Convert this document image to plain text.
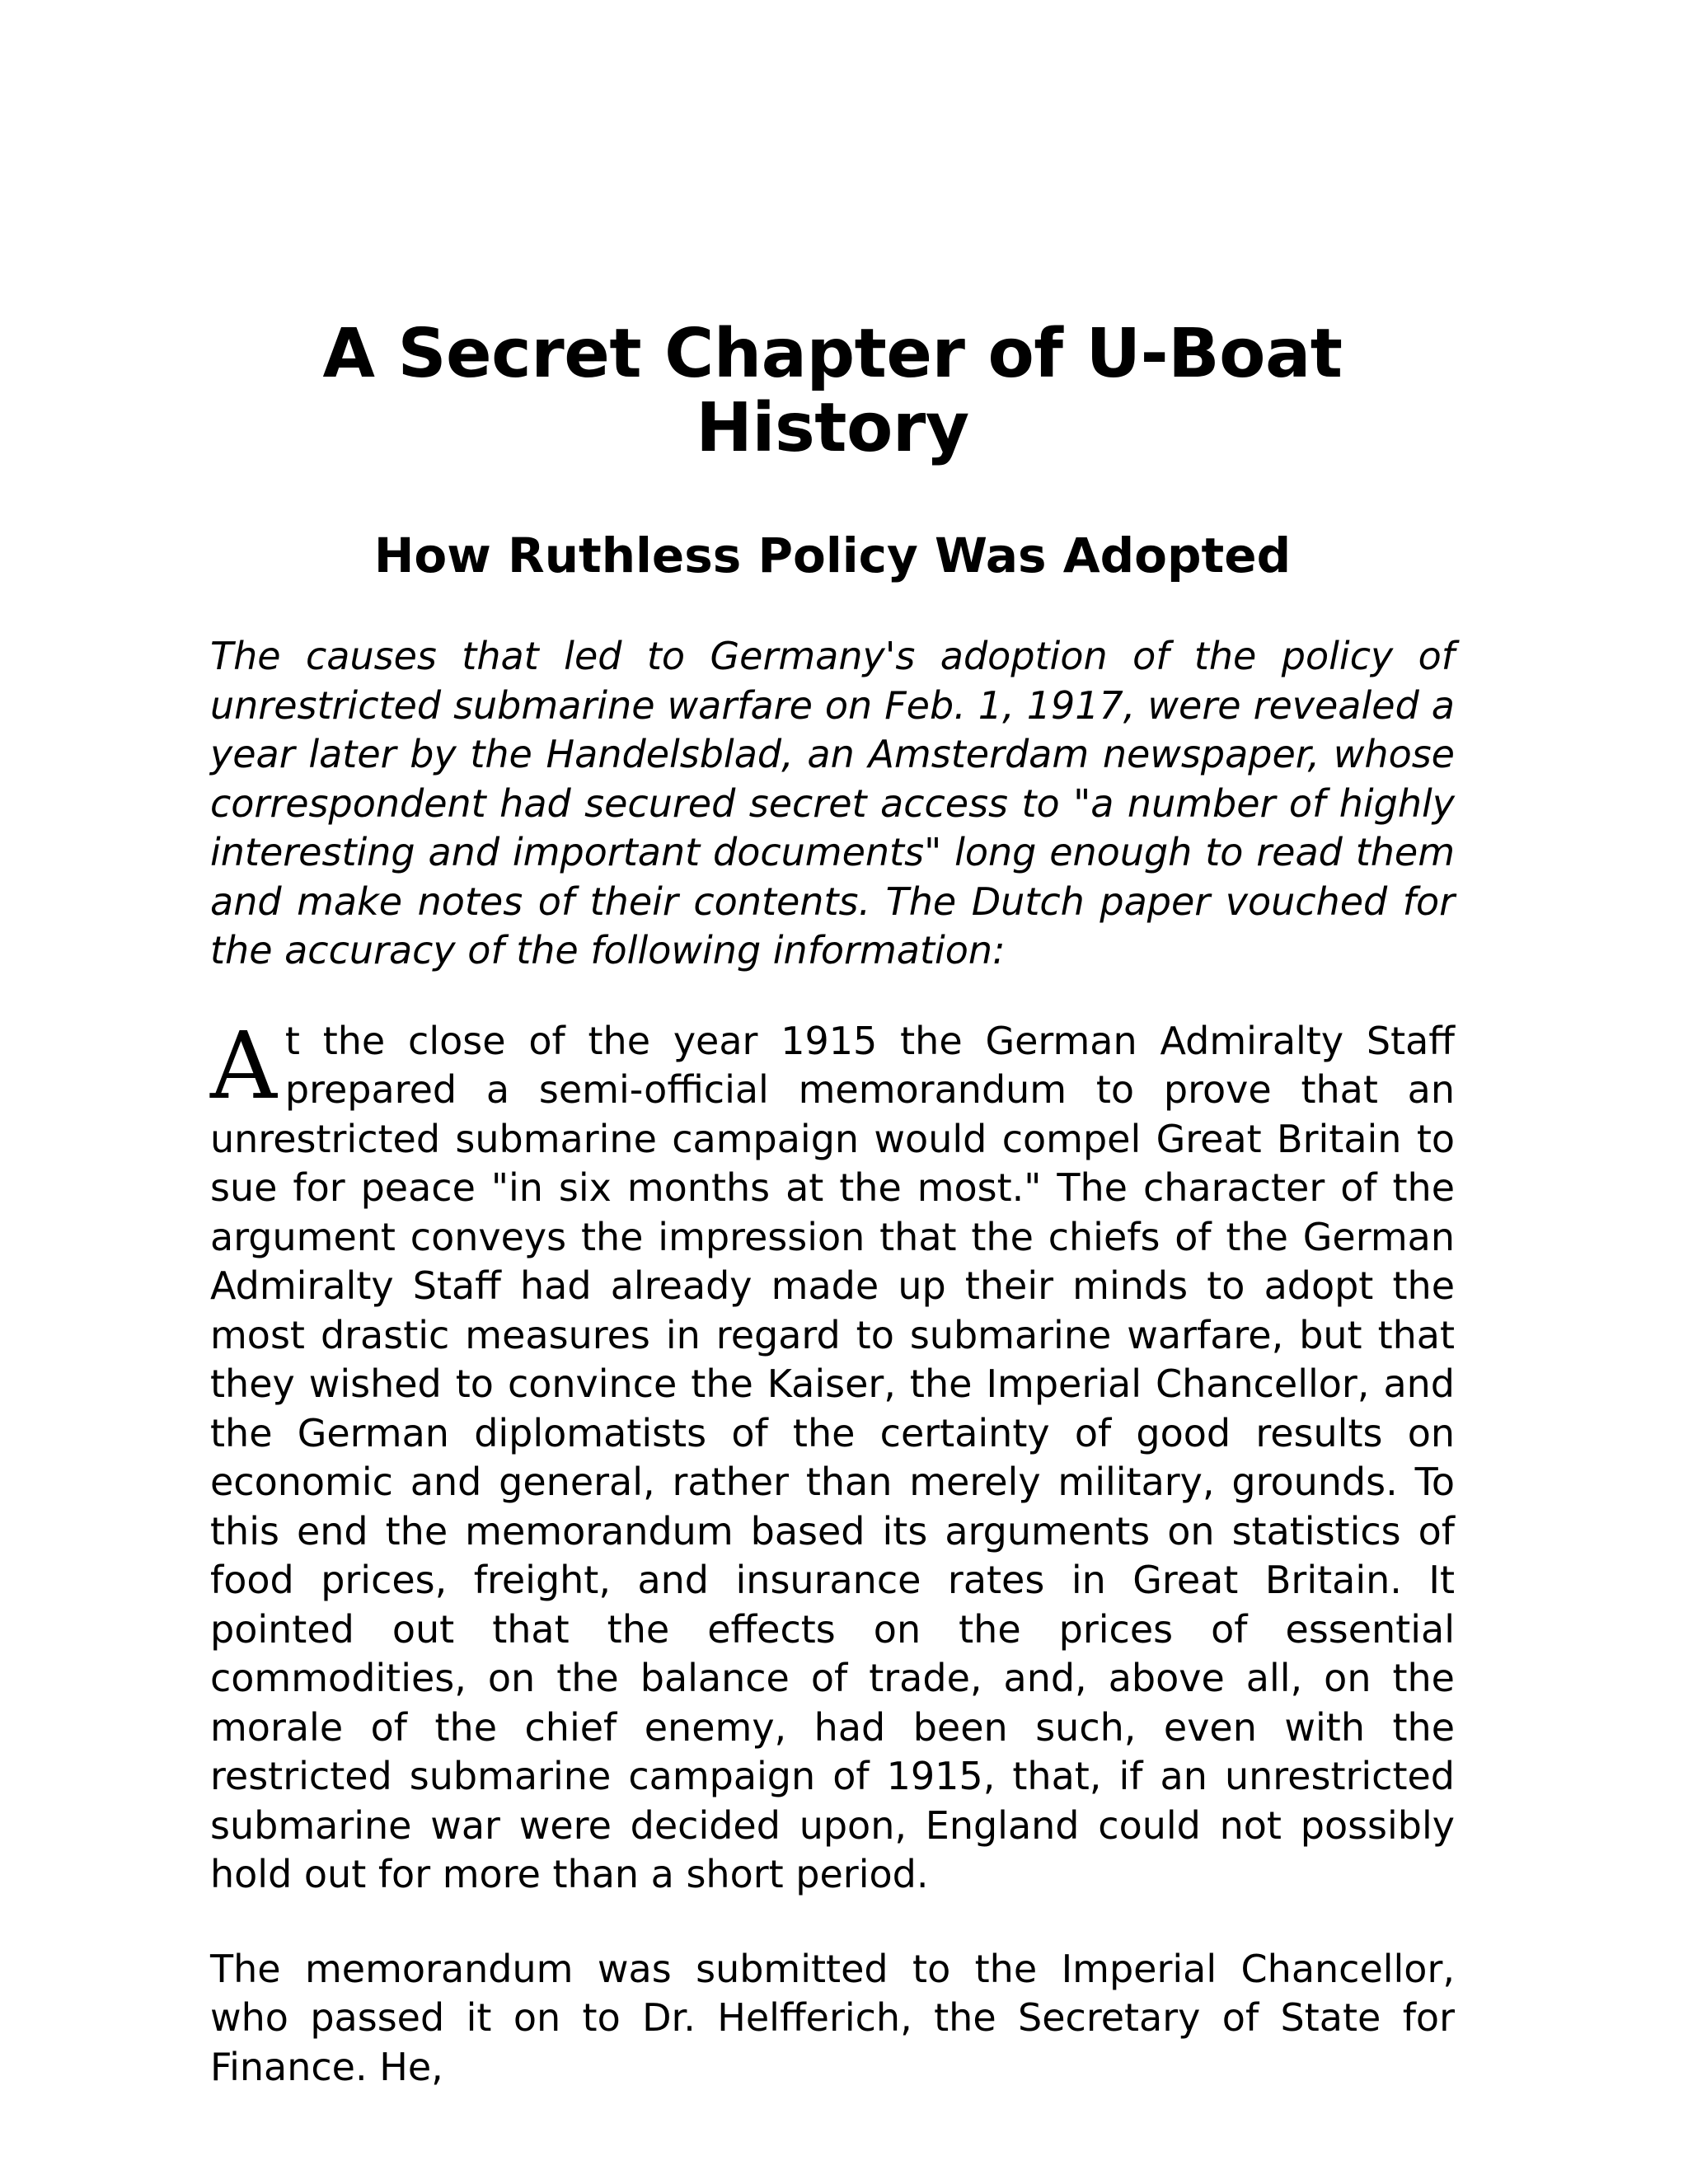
A Secret Chapter of U-Boat History
How Ruthless Policy Was Adopted

The causes that led to Germany's adoption of the policy of unrestricted submarine warfare on Feb. 1, 1917, were revealed a year later by the Handelsblad, an Amsterdam newspaper, whose correspondent had secured secret access to "a number of highly interesting and important documents" long enough to read them and make notes of their contents. The Dutch paper vouched for the accuracy of the following information:

At the close of the year 1915 the German Admiralty Staff prepared a semi-official memorandum to prove that an unrestricted submarine campaign would compel Great Britain to sue for peace "in six months at the most." The character of the argument conveys the impression that the chiefs of the German Admiralty Staff had already made up their minds to adopt the most drastic measures in regard to submarine warfare, but that they wished to convince the Kaiser, the Imperial Chancellor, and the German diplomatists of the certainty of good results on economic and general, rather than merely military, grounds. To this end the memorandum based its arguments on statistics of food prices, freight, and insurance rates in Great Britain. It pointed out that the effects on the prices of essential commodities, on the balance of trade, and, above all, on the morale of the chief enemy, had been such, even with the restricted submarine campaign of 1915, that, if an unrestricted submarine war were decided upon, England could not possibly hold out for more than a short period.

The memorandum was submitted to the Imperial Chancellor, who passed it on to Dr. Helfferich, the Secretary of State for Finance. He,
